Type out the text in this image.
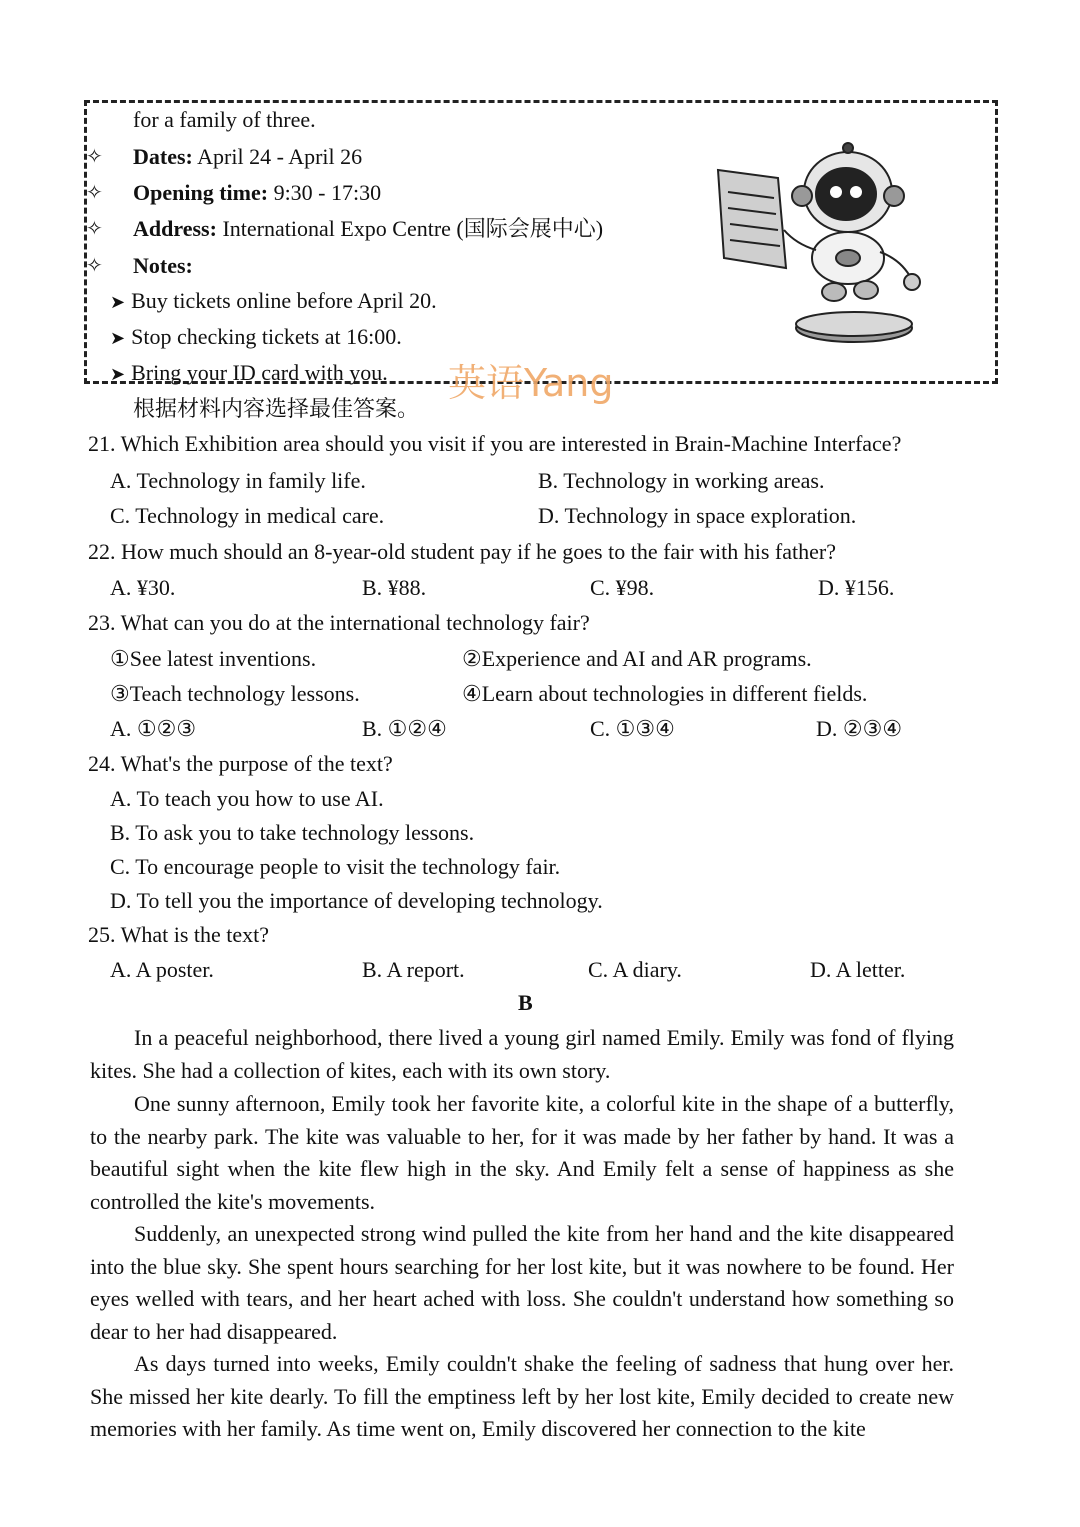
for a family of three.
✧ Dates: April 24 - April 26
✧ Opening time: 9:30 - 17:30
✧ Address: International Expo Centre (国际会展中心)
✧ Notes:
➤ Buy tickets online before April 20.
➤ Stop checking tickets at 16:00.
➤ Bring your ID card with you. 英语Yang
根据材料内容选择最佳答案。
21. Which Exhibition area should you visit if you are interested in Brain-Machine Interface?
A. Technology in family life.	B. Technology in working areas.
C. Technology in medical care.	D. Technology in space exploration.
22. How much should an 8-year-old student pay if he goes to the fair with his father?
A. ¥30.	B. ¥88.	C. ¥98.	D. ¥156.
23. What can you do at the international technology fair?
①See latest inventions.	②Experience and AI and AR programs.
③Teach technology lessons.	④Learn about technologies in different fields.
A. ①②③	B. ①②④	C. ①③④	D. ②③④
24. What's the purpose of the text?
A. To teach you how to use AI.
B. To ask you to take technology lessons.
C. To encourage people to visit the technology fair.
D. To tell you the importance of developing technology.
25. What is the text?
A. A poster.	B. A report.	C. A diary.	D. A letter.
B

In a peaceful neighborhood, there lived a young girl named Emily. Emily was fond of flying kites. She had a collection of kites, each with its own story.

One sunny afternoon, Emily took her favorite kite, a colorful kite in the shape of a butterfly, to the nearby park. The kite was valuable to her, for it was made by her father by hand. It was a beautiful sight when the kite flew high in the sky. And Emily felt a sense of happiness as she controlled the kite's movements.

Suddenly, an unexpected strong wind pulled the kite from her hand and the kite disappeared into the blue sky. She spent hours searching for her lost kite, but it was nowhere to be found. Her eyes welled with tears, and her heart ached with loss. She couldn't understand how something so dear to her had disappeared.

As days turned into weeks, Emily couldn't shake the feeling of sadness that hung over her. She missed her kite dearly. To fill the emptiness left by her lost kite, Emily decided to create new memories with her family. As time went on, Emily discovered her connection to the kite
